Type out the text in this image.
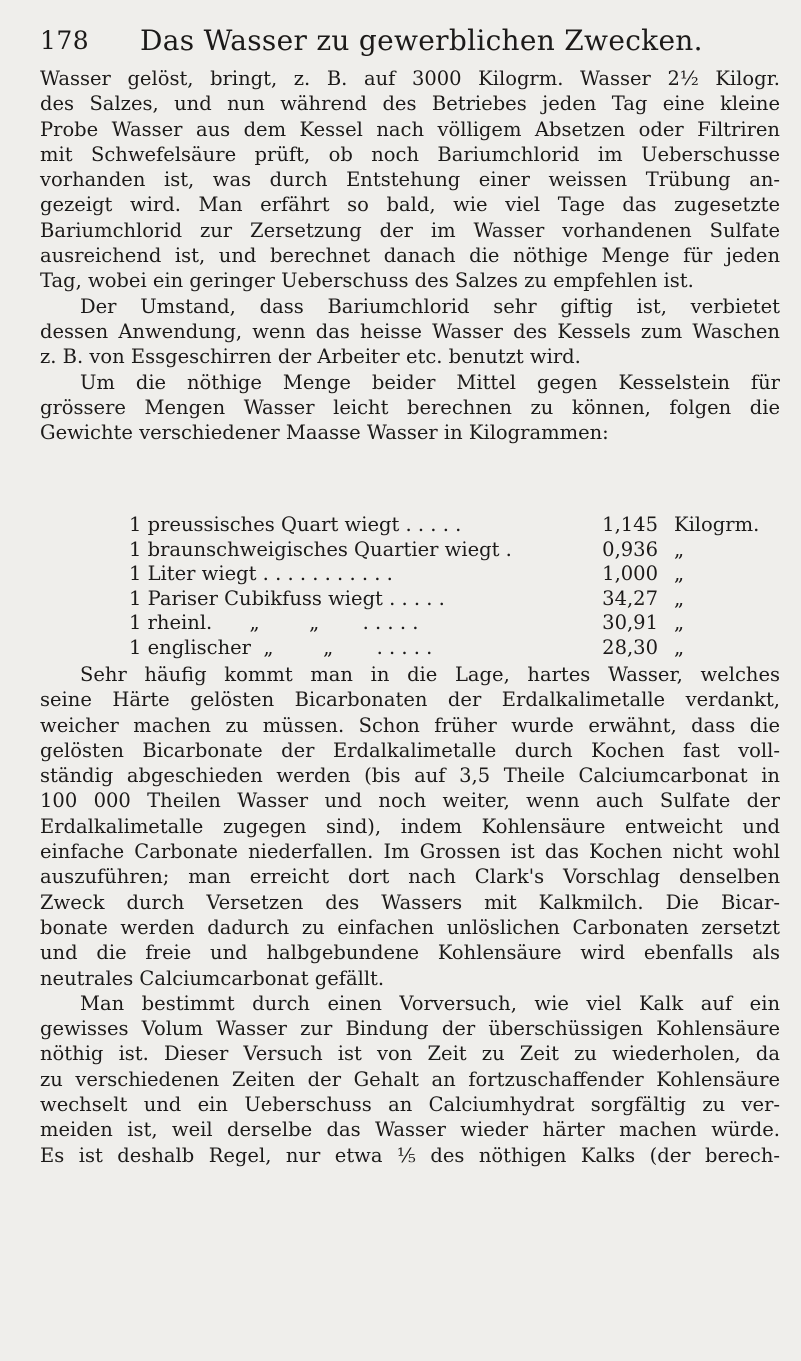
178 Das Wasser zu gewerblichen Zwecken.
Wasser gelöst, bringt, z. B. auf 3000 Kilogrm. Wasser 2½ Kilogr.
des Salzes, und nun während des Betriebes jeden Tag eine kleine
Probe Wasser aus dem Kessel nach völligem Absetzen oder Filtriren
mit Schwefelsäure prüft, ob noch Bariumchlorid im Ueberschusse
vorhanden ist, was durch Entstehung einer weissen Trübung an-
gezeigt wird. Man erfährt so bald, wie viel Tage das zugesetzte
Bariumchlorid zur Zersetzung der im Wasser vorhandenen Sulfate
ausreichend ist, und berechnet danach die nöthige Menge für jeden
Tag, wobei ein geringer Ueberschuss des Salzes zu empfehlen ist.
Der Umstand, dass Bariumchlorid sehr giftig ist, verbietet
dessen Anwendung, wenn das heisse Wasser des Kessels zum Waschen
z. B. von Essgeschirren der Arbeiter etc. benutzt wird.
Um die nöthige Menge beider Mittel gegen Kesselstein für
grössere Mengen Wasser leicht berechnen zu können, folgen die
Gewichte verschiedener Maasse Wasser in Kilogrammen:
1 preussisches Quart wiegt . . . . .	1,145 Kilogrm.
1 braunschweigisches Quartier wiegt .	0,936 „
1 Liter wiegt . . . . . . . . . . .	1,000 „
1 Pariser Cubikfuss wiegt . . . . .	34,27 „
1 rheinl.      „        „       . . . . .	30,91 „
1 englischer  „        „       . . . . .	28,30 „
Sehr häufig kommt man in die Lage, hartes Wasser, welches
seine Härte gelösten Bicarbonaten der Erdalkalimetalle verdankt,
weicher machen zu müssen. Schon früher wurde erwähnt, dass die
gelösten Bicarbonate der Erdalkalimetalle durch Kochen fast voll-
ständig abgeschieden werden (bis auf 3,5 Theile Calciumcarbonat in
100 000 Theilen Wasser und noch weiter, wenn auch Sulfate der
Erdalkalimetalle zugegen sind), indem Kohlensäure entweicht und
einfache Carbonate niederfallen. Im Grossen ist das Kochen nicht wohl
auszuführen; man erreicht dort nach Clark's Vorschlag denselben
Zweck durch Versetzen des Wassers mit Kalkmilch. Die Bicar-
bonate werden dadurch zu einfachen unlöslichen Carbonaten zersetzt
und die freie und halbgebundene Kohlensäure wird ebenfalls als
neutrales Calciumcarbonat gefällt.
Man bestimmt durch einen Vorversuch, wie viel Kalk auf ein
gewisses Volum Wasser zur Bindung der überschüssigen Kohlensäure
nöthig ist. Dieser Versuch ist von Zeit zu Zeit zu wiederholen, da
zu verschiedenen Zeiten der Gehalt an fortzuschaffender Kohlensäure
wechselt und ein Ueberschuss an Calciumhydrat sorgfältig zu ver-
meiden ist, weil derselbe das Wasser wieder härter machen würde.
Es ist deshalb Regel, nur etwa ⅕ des nöthigen Kalks (der berech-
